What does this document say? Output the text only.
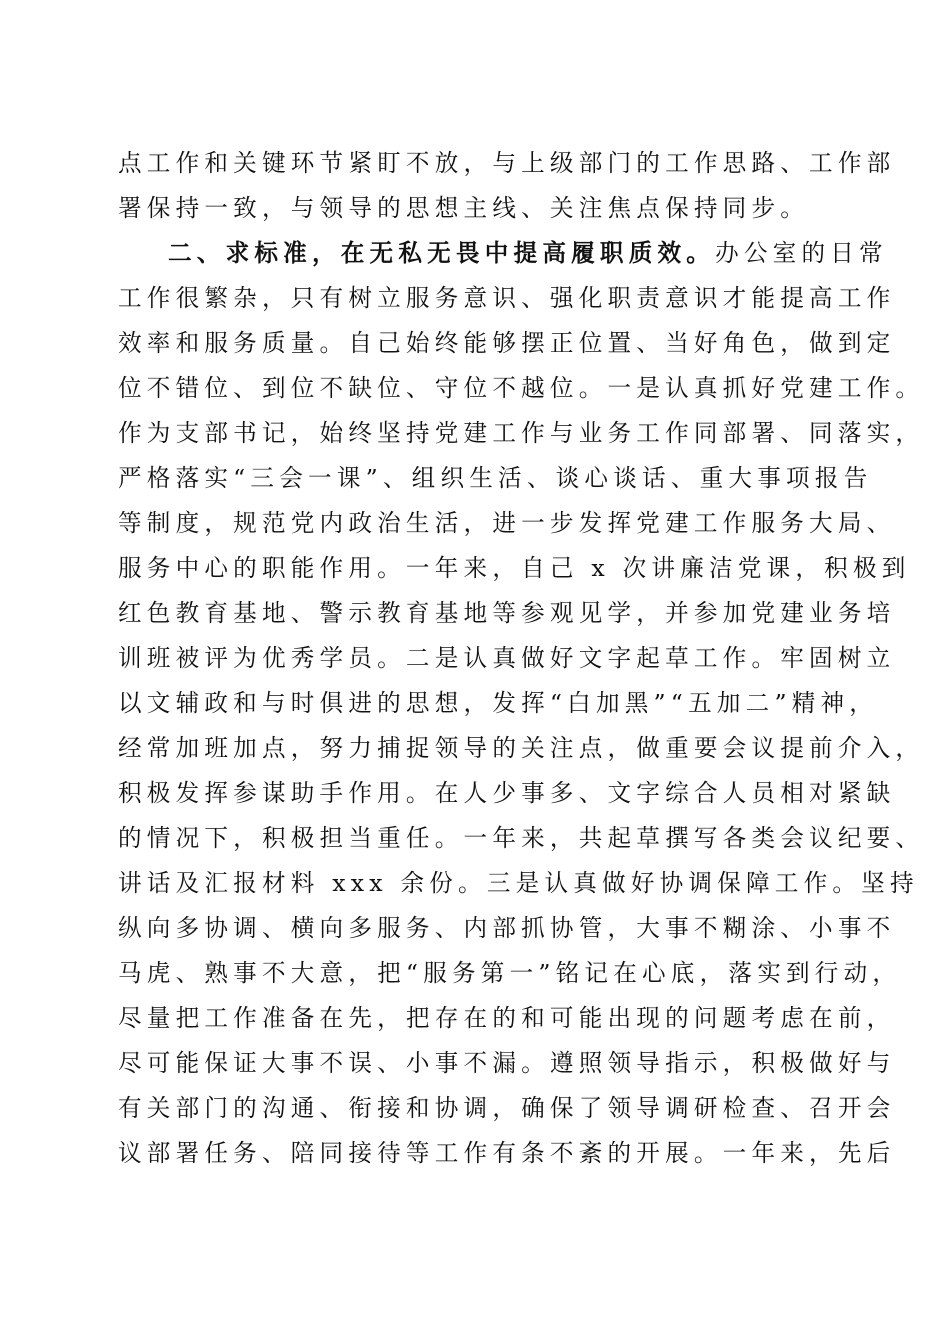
点工作和关键环节紧盯不放，与上级部门的工作思路、工作部
署保持一致，与领导的思想主线、关注焦点保持同步。
二、求标准，在无私无畏中提高履职质效。办公室的日常
工作很繁杂，只有树立服务意识、强化职责意识才能提高工作
效率和服务质量。自己始终能够摆正位置、当好角色，做到定
位不错位、到位不缺位、守位不越位。一是认真抓好党建工作。
作为支部书记，始终坚持党建工作与业务工作同部署、同落实，
严格落实“三会一课”、组织生活、谈心谈话、重大事项报告
等制度，规范党内政治生活，进一步发挥党建工作服务大局、
服务中心的职能作用。一年来，自己 x 次讲廉洁党课，积极到
红色教育基地、警示教育基地等参观见学，并参加党建业务培
训班被评为优秀学员。二是认真做好文字起草工作。牢固树立
以文辅政和与时俱进的思想，发挥“白加黑”“五加二”精神，
经常加班加点，努力捕捉领导的关注点，做重要会议提前介入，
积极发挥参谋助手作用。在人少事多、文字综合人员相对紧缺
的情况下，积极担当重任。一年来，共起草撰写各类会议纪要、
讲话及汇报材料 xxx 余份。三是认真做好协调保障工作。坚持
纵向多协调、横向多服务、内部抓协管，大事不糊涂、小事不
马虎、熟事不大意，把“服务第一”铭记在心底，落实到行动，
尽量把工作准备在先，把存在的和可能出现的问题考虑在前，
尽可能保证大事不误、小事不漏。遵照领导指示，积极做好与
有关部门的沟通、衔接和协调，确保了领导调研检查、召开会
议部署任务、陪同接待等工作有条不紊的开展。一年来，先后
